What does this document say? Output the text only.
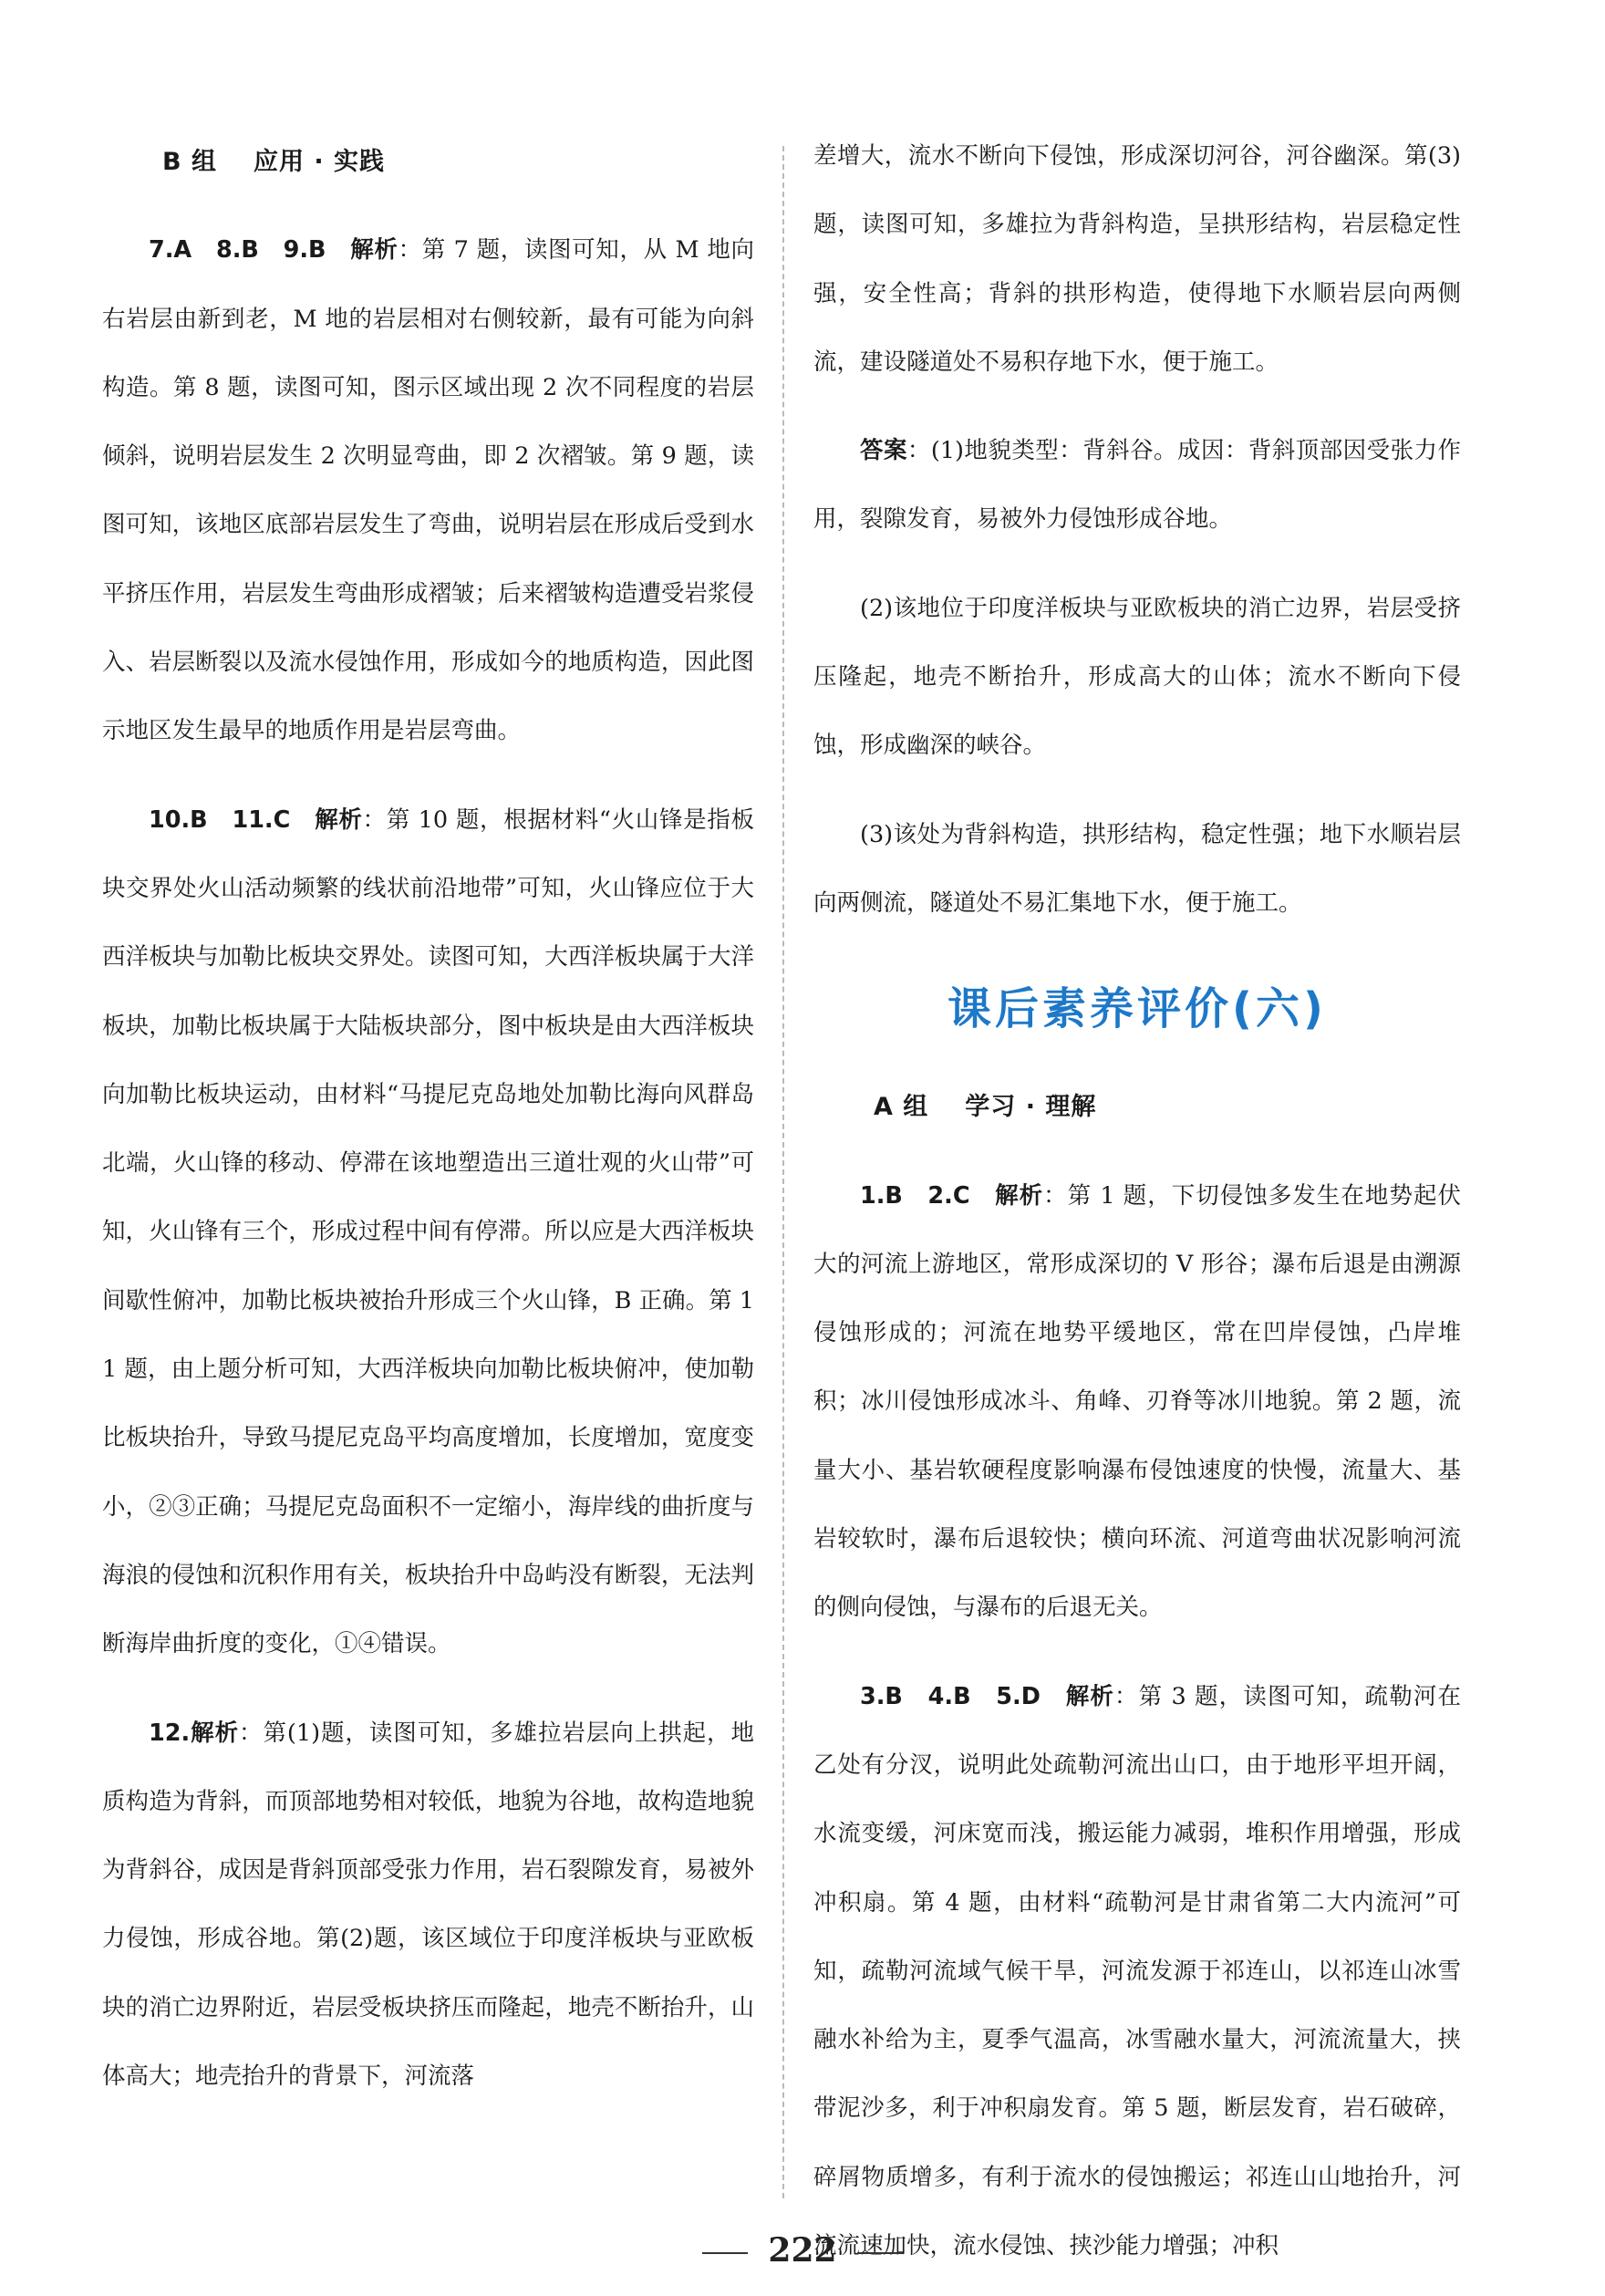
B 组 应用 · 实践

7.A　8.B　9.B　 解析：第 7 题，读图可知，从 M 地向右岩层由新到老，M 地的岩层相对右侧较新，最有可能为向斜构造。第 8 题，读图可知，图示区域出现 2 次不同程度的岩层倾斜，说明岩层发生 2 次明显弯曲，即 2 次褶皱。第 9 题，读图可知，该地区底部岩层发生了弯曲，说明岩层在形成后受到水平挤压作用，岩层发生弯曲形成褶皱；后来褶皱构造遭受岩浆侵入、岩层断裂以及流水侵蚀作用，形成如今的地质构造，因此图示地区发生最早的地质作用是岩层弯曲。

10.B　11.C　 解析：第 10 题，根据材料“火山锋是指板块交界处火山活动频繁的线状前沿地带”可知，火山锋应位于大西洋板块与加勒比板块交界处。读图可知，大西洋板块属于大洋板块，加勒比板块属于大陆板块部分，图中板块是由大西洋板块向加勒比板块运动，由材料“马提尼克岛地处加勒比海向风群岛北端，火山锋的移动、停滞在该地塑造出三道壮观的火山带”可知，火山锋有三个，形成过程中间有停滞。所以应是大西洋板块间歇性俯冲，加勒比板块被抬升形成三个火山锋，B 正确。第 11 题，由上题分析可知，大西洋板块向加勒比板块俯冲，使加勒比板块抬升，导致马提尼克岛平均高度增加，长度增加，宽度变小，②③正确；马提尼克岛面积不一定缩小，海岸线的曲折度与海浪的侵蚀和沉积作用有关，板块抬升中岛屿没有断裂，无法判断海岸曲折度的变化，①④错误。

12.解析：第(1)题，读图可知，多雄拉岩层向上拱起，地质构造为背斜，而顶部地势相对较低，地貌为谷地，故构造地貌为背斜谷，成因是背斜顶部受张力作用，岩石裂隙发育，易被外力侵蚀，形成谷地。第(2)题，该区域位于印度洋板块与亚欧板块的消亡边界附近，岩层受板块挤压而隆起，地壳不断抬升，山体高大；地壳抬升的背景下，河流落

差增大，流水不断向下侵蚀，形成深切河谷，河谷幽深。第(3)题，读图可知，多雄拉为背斜构造，呈拱形结构，岩层稳定性强，安全性高；背斜的拱形构造，使得地下水顺岩层向两侧流，建设隧道处不易积存地下水，便于施工。

答案：(1)地貌类型：背斜谷。成因：背斜顶部因受张力作用，裂隙发育，易被外力侵蚀形成谷地。

(2)该地位于印度洋板块与亚欧板块的消亡边界，岩层受挤压隆起，地壳不断抬升，形成高大的山体；流水不断向下侵蚀，形成幽深的峡谷。

(3)该处为背斜构造，拱形结构，稳定性强；地下水顺岩层向两侧流，隧道处不易汇集地下水，便于施工。

课后素养评价(六)
A 组 学习 · 理解

1.B　2.C　 解析：第 1 题，下切侵蚀多发生在地势起伏大的河流上游地区，常形成深切的 V 形谷；瀑布后退是由溯源侵蚀形成的；河流在地势平缓地区，常在凹岸侵蚀，凸岸堆积；冰川侵蚀形成冰斗、角峰、刃脊等冰川地貌。第 2 题，流量大小、基岩软硬程度影响瀑布侵蚀速度的快慢，流量大、基岩较软时，瀑布后退较快；横向环流、河道弯曲状况影响河流的侧向侵蚀，与瀑布的后退无关。

3.B　4.B　5.D　 解析：第 3 题，读图可知，疏勒河在乙处有分汊，说明此处疏勒河流出山口，由于地形平坦开阔，水流变缓，河床宽而浅，搬运能力减弱，堆积作用增强，形成冲积扇。第 4 题，由材料“疏勒河是甘肃省第二大内流河”可知，疏勒河流域气候干旱，河流发源于祁连山，以祁连山冰雪融水补给为主，夏季气温高，冰雪融水量大，河流流量大，挟带泥沙多，利于冲积扇发育。第 5 题，断层发育，岩石破碎，碎屑物质增多，有利于流水的侵蚀搬运；祁连山山地抬升，河流流速加快，流水侵蚀、挟沙能力增强；冲积

222
